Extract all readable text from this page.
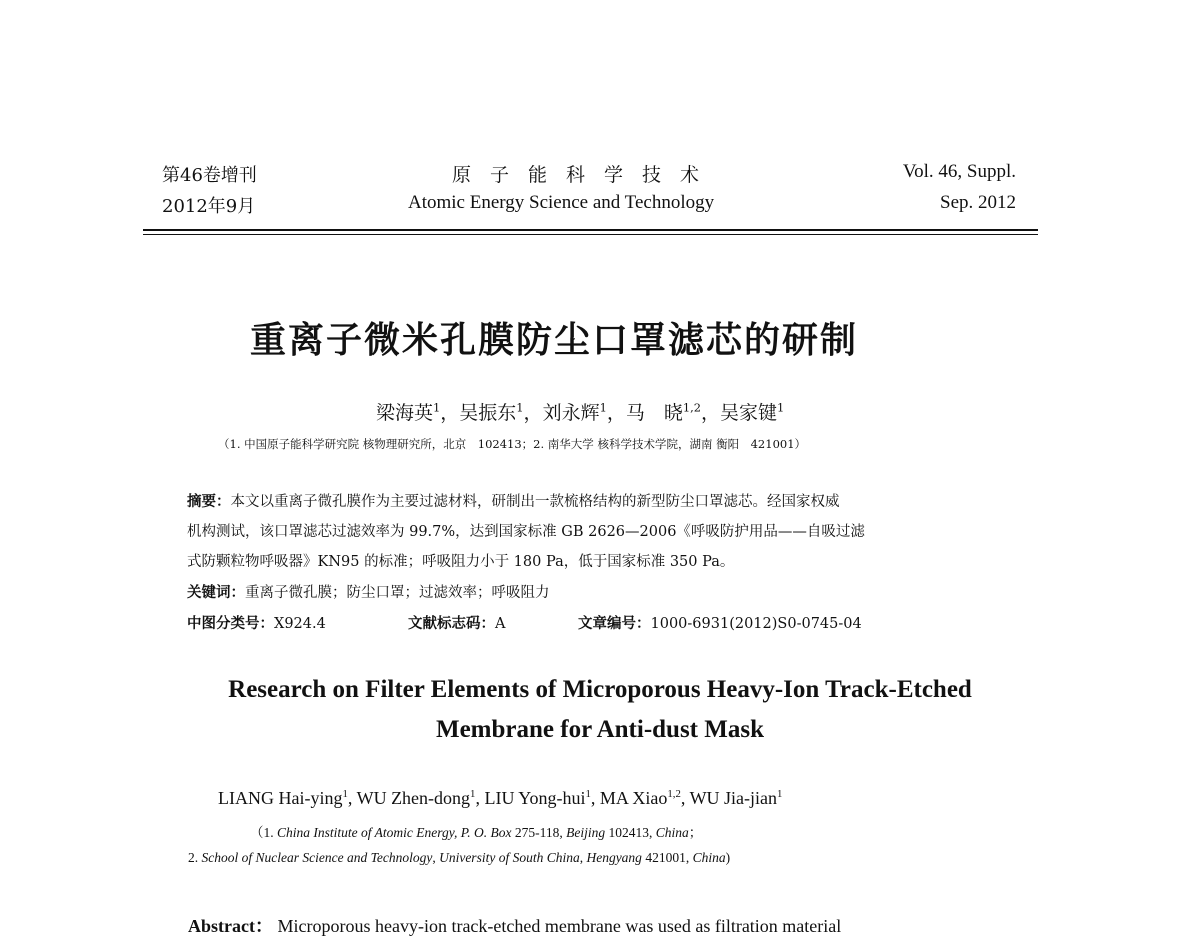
第46卷增刊
2012年9月
原　子　能　科　学　技　术
Atomic Energy Science and Technology
Vol. 46, Suppl.
Sep. 2012
重离子微米孔膜防尘口罩滤芯的研制
梁海英$^1$，吴振东$^1$，刘永辉$^1$，马　晓$^{1,2}$，吴家键$^1$
（1. 中国原子能科学研究院 核物理研究所，北京　102413；2. 南华大学 核科学技术学院，湖南 衡阳　421001）
摘要：本文以重离子微孔膜作为主要过滤材料，研制出一款梳格结构的新型防尘口罩滤芯。经国家权威
机构测试，该口罩滤芯过滤效率为 99.7%，达到国家标准 GB 2626—2006《呼吸防护用品——自吸过滤
式防颗粒物呼吸器》KN95 的标准；呼吸阻力小于 180 Pa，低于国家标准 350 Pa。
关键词：重离子微孔膜；防尘口罩；过滤效率；呼吸阻力
中图分类号：X924.4	文献标志码：A	文章编号：1000-6931(2012)S0-0745-04
Research on Filter Elements of Microporous Heavy-Ion Track-Etched
Membrane for Anti-dust Mask
LIANG Hai-ying$^1$, WU Zhen-dong$^1$, LIU Yong-hui$^1$, MA Xiao$^{1,2}$, WU Jia-jian$^1$
（1. China Institute of Atomic Energy, P. O. Box 275-118, Beijing 102413, China；
2. School of Nuclear Science and Technology, University of South China, Hengyang 421001, China)
Abstract： Microporous heavy-ion track-etched membrane was used as filtration material
